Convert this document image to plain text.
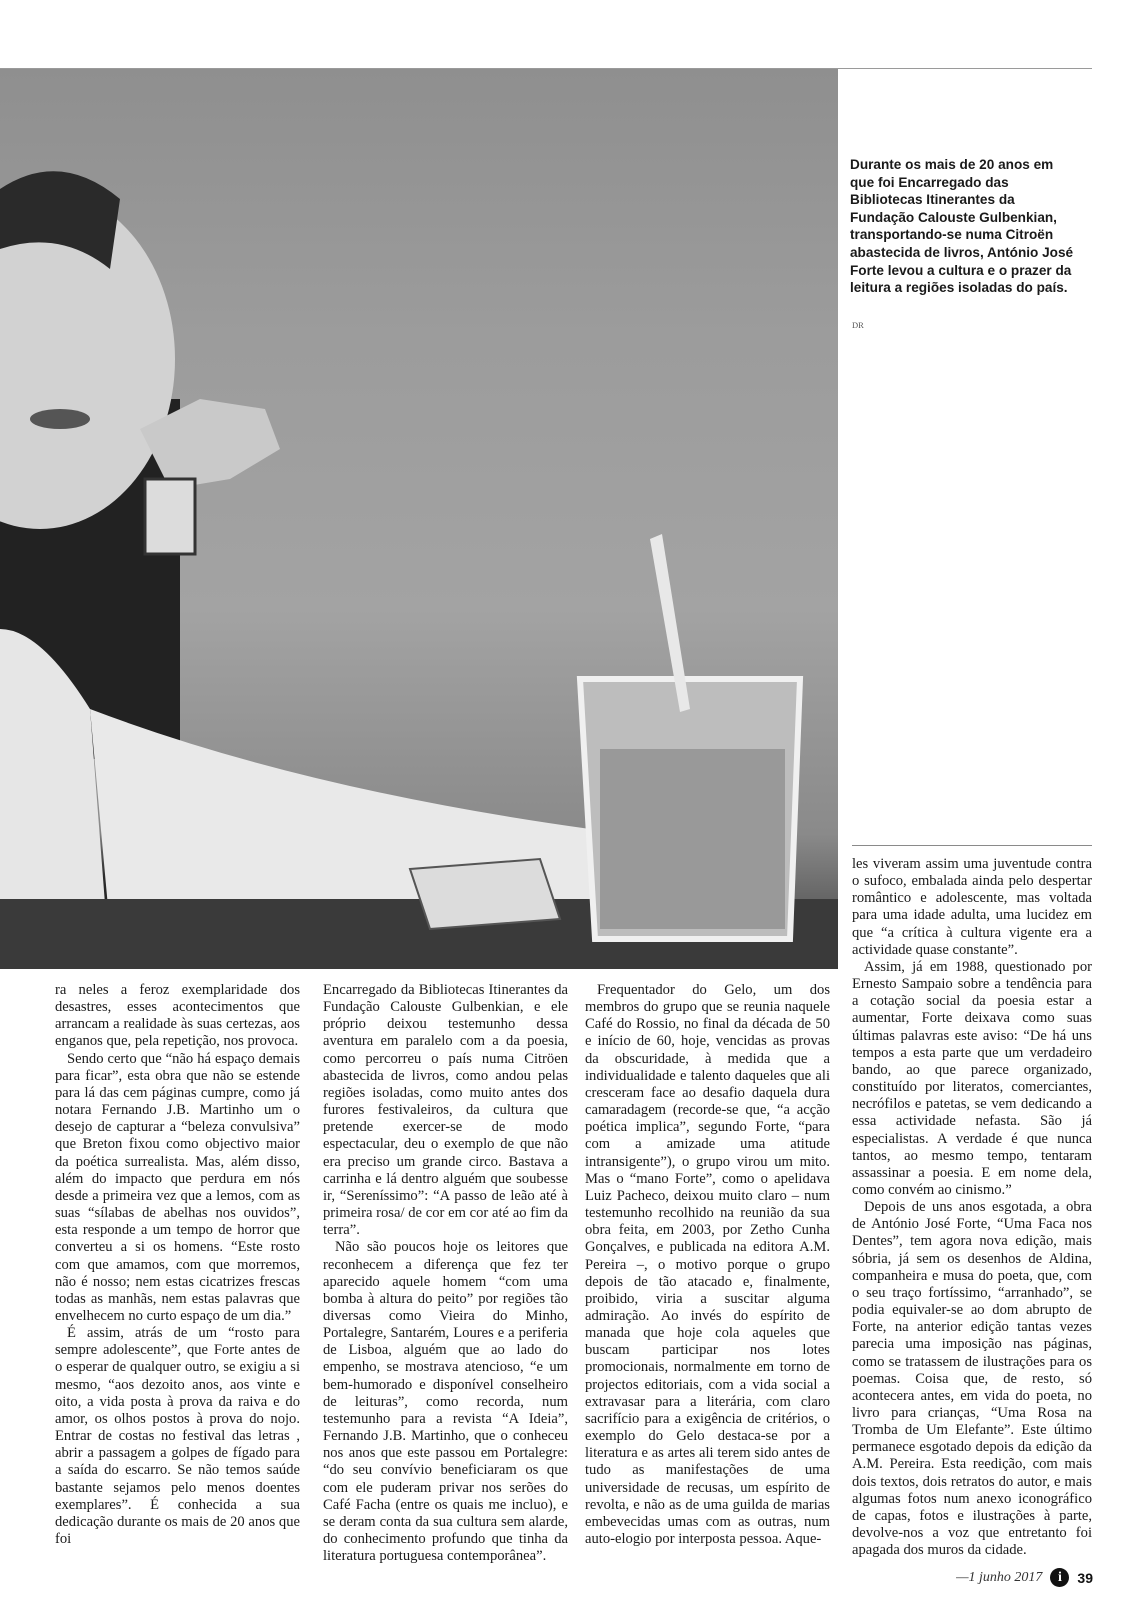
Durante os mais de 20 anos em que foi Encarregado das Bibliotecas Itinerantes da Fundação Calouste Gulbenkian, transportando-se numa Citroën abastecida de livros, António José Forte levou a cultura e o prazer da leitura a regiões isoladas do país.
DR

ra neles a feroz exemplaridade dos desastres, esses acontecimentos que arrancam a realidade às suas certezas, aos enganos que, pela repetição, nos provoca.

Sendo certo que “não há espaço demais para ficar”, esta obra que não se estende para lá das cem páginas cumpre, como já notara Fernando J.B. Martinho um o desejo de capturar a “beleza convulsiva” que Breton fixou como objectivo maior da poética surrealista. Mas, além disso, além do impacto que perdura em nós desde a primeira vez que a lemos, com as suas “sílabas de abelhas nos ouvidos”, esta responde a um tempo de horror que converteu a si os homens. “Este rosto com que amamos, com que morremos, não é nosso; nem estas cicatrizes frescas todas as manhãs, nem estas palavras que envelhecem no curto espaço de um dia.”

É assim, atrás de um “rosto para sempre adolescente”, que Forte antes de o esperar de qualquer outro, se exigiu a si mesmo, “aos dezoito anos, aos vinte e oito, a vida posta à prova da raiva e do amor, os olhos postos à prova do nojo. Entrar de costas no festival das letras , abrir a passagem a golpes de fígado para a saída do escarro. Se não temos saúde bastante sejamos pelo menos doentes exemplares”. É conhecida a sua dedicação durante os mais de 20 anos que foi

Encarregado da Bibliotecas Itinerantes da Fundação Calouste Gulbenkian, e ele próprio deixou testemunho dessa aventura em paralelo com a da poesia, como percorreu o país numa Citröen abastecida de livros, como andou pelas regiões isoladas, como muito antes dos furores festivaleiros, da cultura que pretende exercer-se de modo espectacular, deu o exemplo de que não era preciso um grande circo. Bastava a carrinha e lá dentro alguém que soubesse ir, “Sereníssimo”: “A passo de leão até à primeira rosa/ de cor em cor até ao fim da terra”.

Não são poucos hoje os leitores que reconhecem a diferença que fez ter aparecido aquele homem “com uma bomba à altura do peito” por regiões tão diversas como Vieira do Minho, Portalegre, Santarém, Loures e a periferia de Lisboa, alguém que ao lado do empenho, se mostrava atencioso, “e um bem-humorado e disponível conselheiro de leituras”, como recorda, num testemunho para a revista “A Ideia”, Fernando J.B. Martinho, que o conheceu nos anos que este passou em Portalegre: “do seu convívio beneficiaram os que com ele puderam privar nos serões do Café Facha (entre os quais me incluo), e se deram conta da sua cultura sem alarde, do conhecimento profundo que tinha da literatura portuguesa contemporânea”.

Frequentador do Gelo, um dos membros do grupo que se reunia naquele Café do Rossio, no final da década de 50 e início de 60, hoje, vencidas as provas da obscuridade, à medida que a individualidade e talento daqueles que ali cresceram face ao desafio daquela dura camaradagem (recorde-se que, “a acção poética implica”, segundo Forte, “para com a amizade uma atitude intransigente”), o grupo virou um mito. Mas o “mano Forte”, como o apelidava Luiz Pacheco, deixou muito claro – num testemunho recolhido na reunião da sua obra feita, em 2003, por Zetho Cunha Gonçalves, e publicada na editora A.M. Pereira –, o motivo porque o grupo depois de tão atacado e, finalmente, proibido, viria a suscitar alguma admiração. Ao invés do espírito de manada que hoje cola aqueles que buscam participar nos lotes promocionais, normalmente em torno de projectos editoriais, com a vida social a extravasar para a literária, com claro sacrifício para a exigência de critérios, o exemplo do Gelo destaca-se por a literatura e as artes ali terem sido antes de tudo as manifestações de uma universidade de recusas, um espírito de revolta, e não as de uma guilda de marias embevecidas umas com as outras, num auto-elogio por interposta pessoa. Aque-

les viveram assim uma juventude contra o sufoco, embalada ainda pelo despertar romântico e adolescente, mas voltada para uma idade adulta, uma lucidez em que “a crítica à cultura vigente era a actividade quase constante”.

Assim, já em 1988, questionado por Ernesto Sampaio sobre a tendência para a cotação social da poesia estar a aumentar, Forte deixava como suas últimas palavras este aviso: “De há uns tempos a esta parte que um verdadeiro bando, ao que parece organizado, constituído por literatos, comerciantes, necrófilos e patetas, se vem dedicando a essa actividade nefasta. São já especialistas. A verdade é que nunca tantos, ao mesmo tempo, tentaram assassinar a poesia. E em nome dela, como convém ao cinismo.”

Depois de uns anos esgotada, a obra de António José Forte, “Uma Faca nos Dentes”, tem agora nova edição, mais sóbria, já sem os desenhos de Aldina, companheira e musa do poeta, que, com o seu traço fortíssimo, “arranhado”, se podia equivaler-se ao dom abrupto de Forte, na anterior edição tantas vezes parecia uma imposição nas páginas, como se tratassem de ilustrações para os poemas. Coisa que, de resto, só acontecera antes, em vida do poeta, no livro para crianças, “Uma Rosa na Tromba de Um Elefante”. Este último permanece esgotado depois da edição da A.M. Pereira. Esta reedição, com mais dois textos, dois retratos do autor, e mais algumas fotos num anexo iconográfico de capas, fotos e ilustrações à parte, devolve-nos a voz que entretanto foi apagada dos muros da cidade.

—1 junho 2017	i	39
